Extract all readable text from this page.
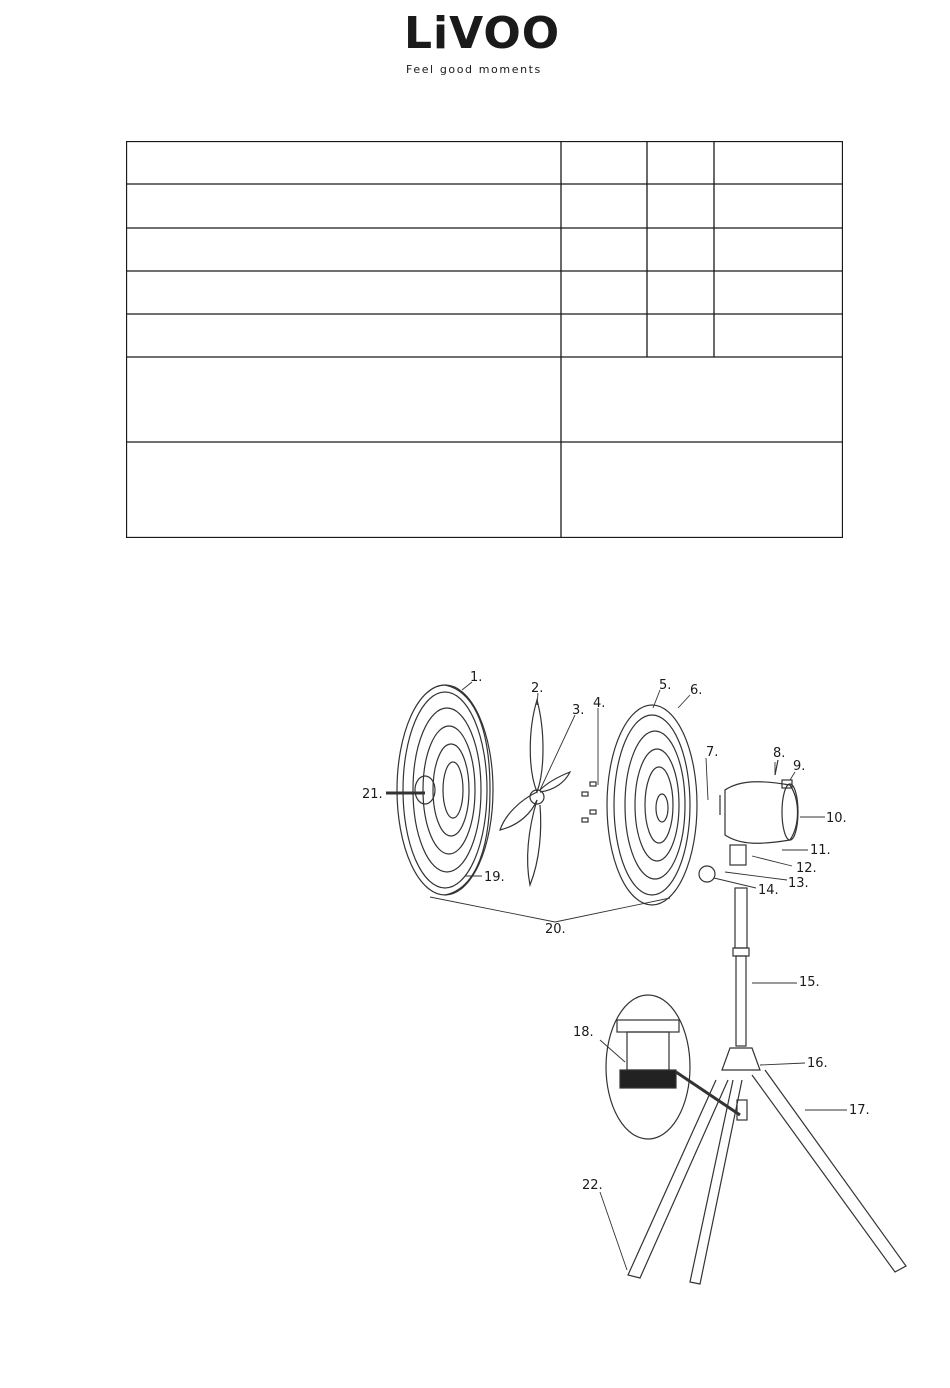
LiVOO
Feel good moments
1.
2.
3. 4.
5. 6.
7.	8.
9.
10.
11.
12.
13.
14.
15.
16.
17.
18.
19.
20.
21.
22.
